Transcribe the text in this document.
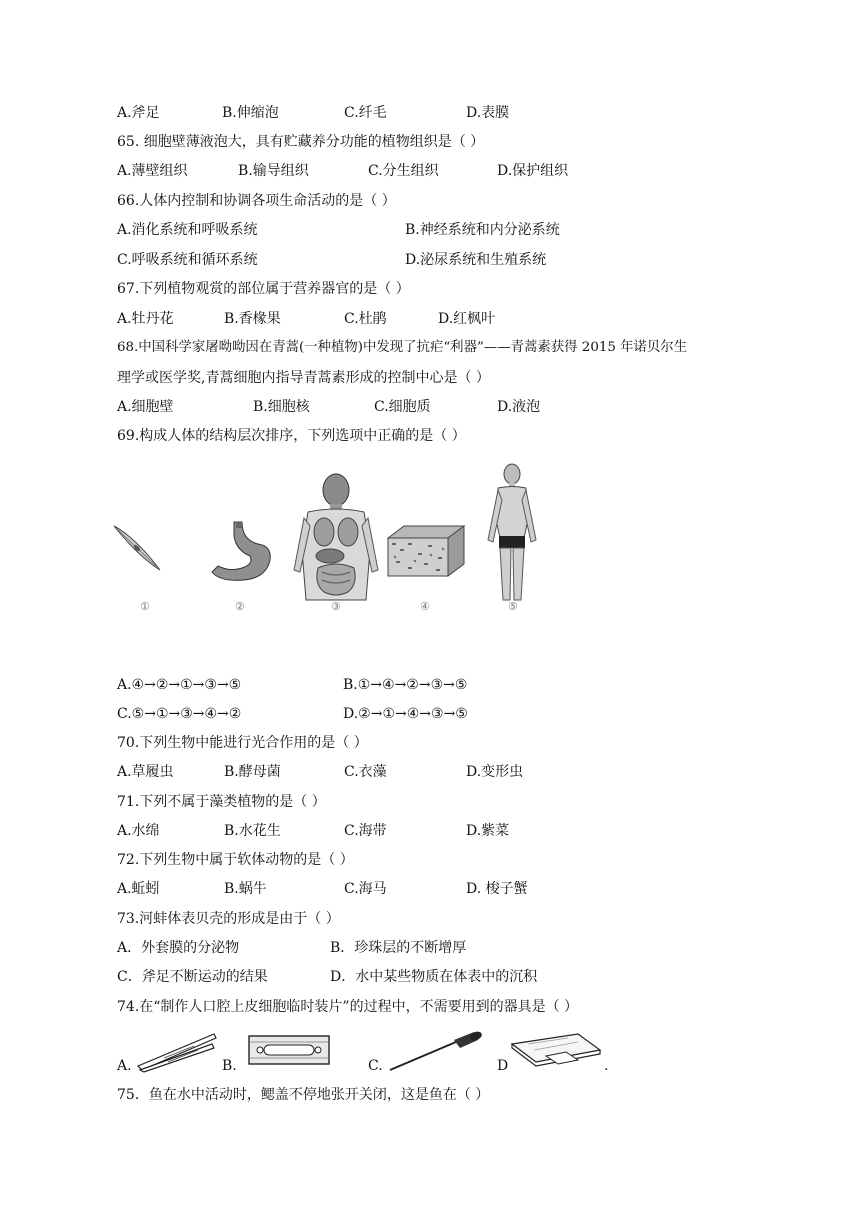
A.斧足	B.伸缩泡	C.纤毛	D.表膜
65. 细胞壁薄液泡大，具有贮藏养分功能的植物组织是（ ）
A.薄壁组织	B.输导组织	C.分生组织	D.保护组织
66.人体内控制和协调各项生命活动的是（ ）
A.消化系统和呼吸系统	B.神经系统和内分泌系统
C.呼吸系统和循环系统	D.泌尿系统和生殖系统
67.下列植物观赏的部位属于营养器官的是（ ）
A.牡丹花	B.香椽果	C.杜鹃	D.红枫叶
68.中国科学家屠呦呦因在青蒿(一种植物)中发现了抗疟“利器”——青蒿素获得 2015 年诺贝尔生
理学或医学奖,青蒿细胞内指导青蒿素形成的控制中心是（ ）
A.细胞壁	B.细胞核	C.细胞质	D.液泡
69.构成人体的结构层次排序，下列选项中正确的是（ ）
①	②	③	④	⑤
A.④→②→①→③→⑤	B.①→④→②→③→⑤
C.⑤→①→③→④→②	D.②→①→④→③→⑤
70.下列生物中能进行光合作用的是（ ）
A.草履虫	B.酵母菌	C.衣藻	D.变形虫
71.下列不属于藻类植物的是（ ）
A.水绵	B.水花生	C.海带	D.紫菜
72.下列生物中属于软体动物的是（ ）
A.蚯蚓	B.蜗牛	C.海马	D. 梭子蟹
73.河蚌体表贝壳的形成是由于（ ）
A．外套膜的分泌物	B．珍珠层的不断增厚
C．斧足不断运动的结果	D．水中某些物质在体表中的沉积
74.在“制作人口腔上皮细胞临时装片”的过程中，不需要用到的器具是（ ）
A.	B.	C.	D	.
75．鱼在水中活动时，鳃盖不停地张开关闭，这是鱼在（ ）
